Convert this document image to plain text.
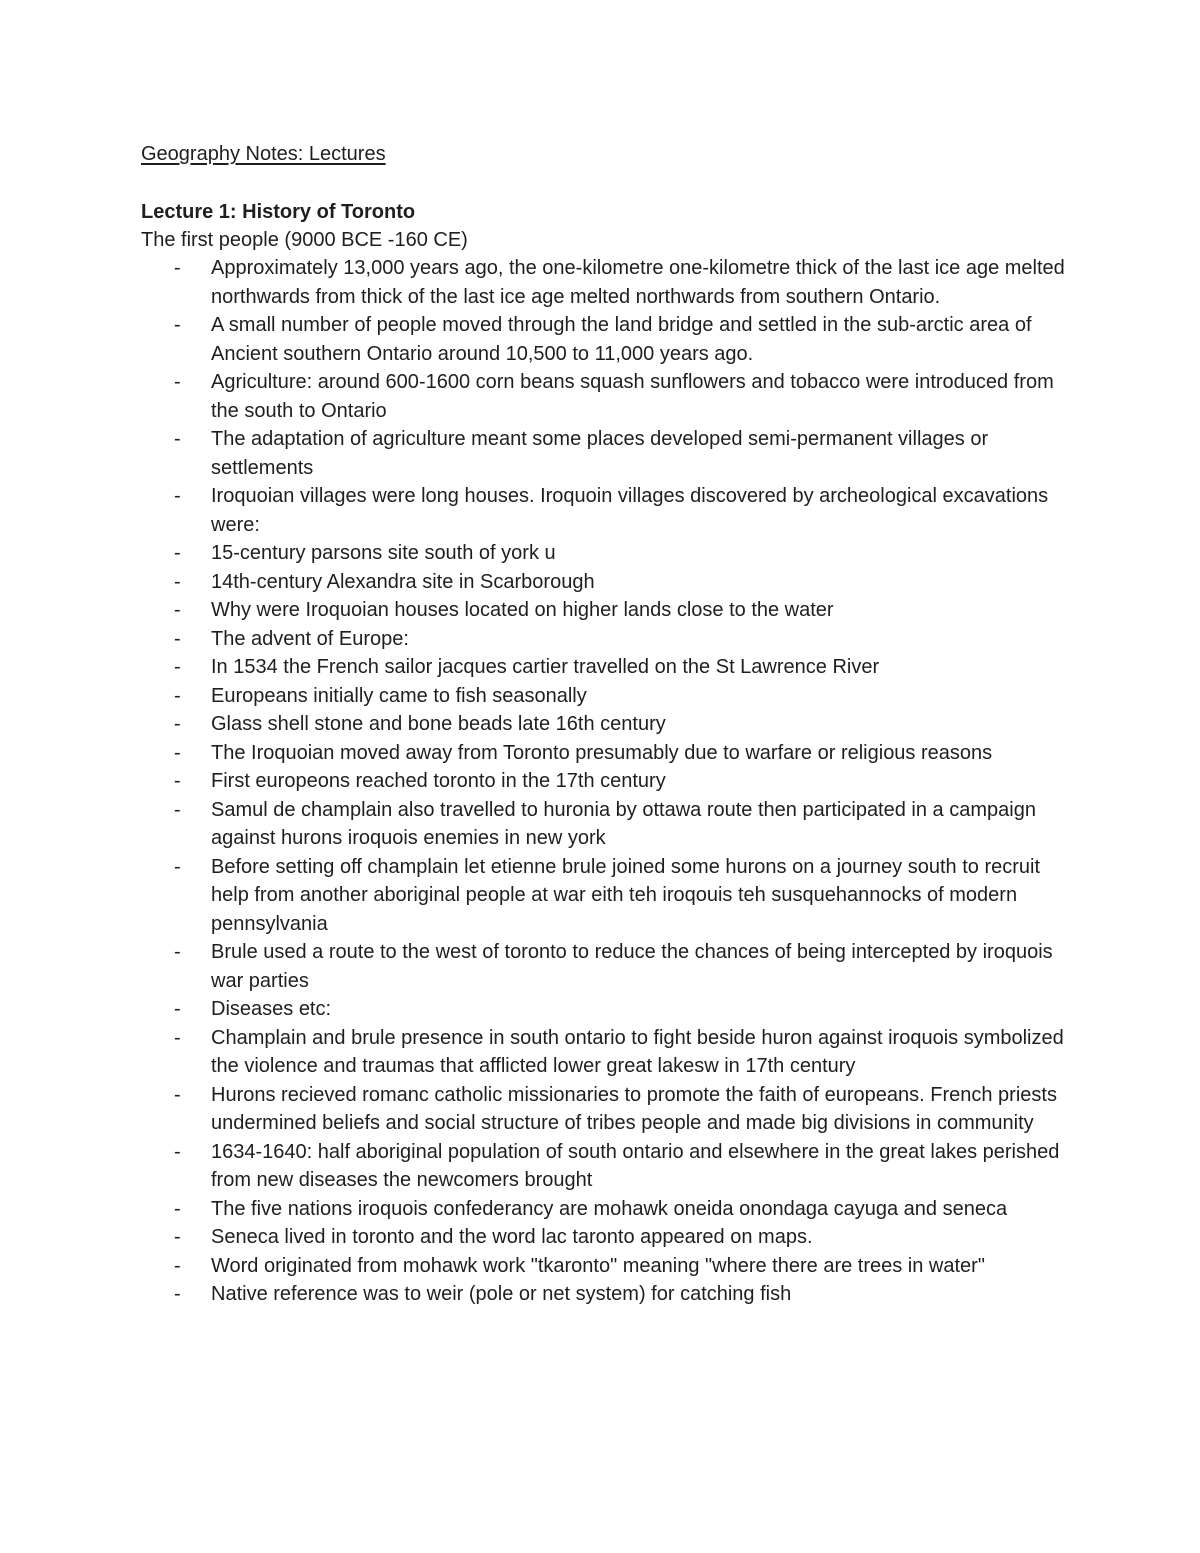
Geography Notes: Lectures
Lecture 1: History of Toronto

The first people (9000 BCE -160 CE)

- Approximately 13,000 years ago, the one-kilometre one-kilometre thick of the last ice age melted northwards from thick of the last ice age melted northwards from southern Ontario.
- A small number of people moved through the land bridge and settled in the sub-arctic area of Ancient southern Ontario around 10,500 to 11,000 years ago.
- Agriculture: around 600-1600 corn beans squash sunflowers and tobacco were introduced from the south to Ontario
- The adaptation of agriculture meant some places developed semi-permanent villages or settlements
- Iroquoian villages were long houses. Iroquoin villages discovered by archeological excavations were:
- 15-century parsons site south of york u
- 14th-century Alexandra site in Scarborough
- Why were Iroquoian houses located on higher lands close to the water
- The advent of Europe:
- In 1534 the French sailor jacques cartier travelled on the St Lawrence River
- Europeans initially came to fish seasonally
- Glass shell stone and bone beads late 16th century
- The Iroquoian moved away from Toronto presumably due to warfare or religious reasons
- First europeons reached toronto in the 17th century
- Samul de champlain also travelled to huronia by ottawa route then participated in a campaign against hurons iroquois enemies in new york
- Before setting off champlain let etienne brule joined some hurons on a journey south to recruit help from another aboriginal people at war eith teh iroqouis teh susquehannocks of modern pennsylvania
- Brule used a route to the west of toronto to reduce the chances of being intercepted by iroquois war parties
- Diseases etc:
- Champlain and brule presence in south ontario to fight beside huron against iroquois symbolized the violence and traumas that afflicted lower great lakesw in 17th century
- Hurons recieved romanc catholic missionaries to promote the faith of europeans. French priests undermined beliefs and social structure of tribes people and made big divisions in community
- 1634-1640: half aboriginal population of south ontario and elsewhere in the great lakes perished from new diseases the newcomers brought
- The five nations iroquois confederancy are mohawk oneida onondaga cayuga and seneca
- Seneca lived in toronto and the word lac taronto appeared on maps.
- Word originated from mohawk work "tkaronto" meaning "where there are trees in water"
- Native reference was to weir (pole or net system) for catching fish
